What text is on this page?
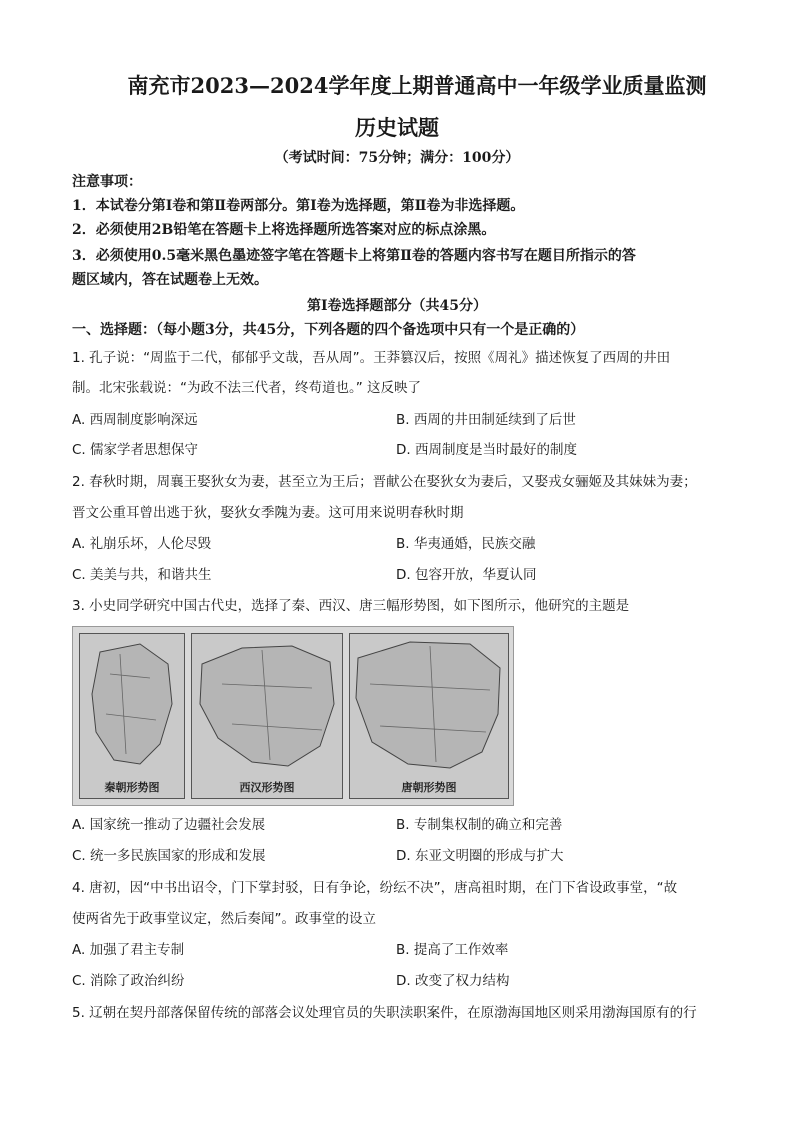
南充市2023—2024学年度上期普通高中一年级学业质量监测
历史试题
（考试时间：75分钟；满分：100分）
注意事项：
1．本试卷分第Ⅰ卷和第Ⅱ卷两部分。第Ⅰ卷为选择题，第Ⅱ卷为非选择题。
2．必须使用2B铅笔在答题卡上将选择题所选答案对应的标点涂黑。
3．必须使用0.5毫米黑色墨迹签字笔在答题卡上将第Ⅱ卷的答题内容书写在题目所指示的答
题区域内，答在试题卷上无效。
第Ⅰ卷选择题部分（共45分）
一、选择题：（每小题3分，共45分，下列各题的四个备选项中只有一个是正确的）
1. 孔子说：“周监于二代，郁郁乎文哉，吾从周”。王莽篡汉后，按照《周礼》描述恢复了西周的井田
制。北宋张载说：“为政不法三代者，终苟道也。” 这反映了
A. 西周制度影响深远	B. 西周的井田制延续到了后世
C. 儒家学者思想保守	D. 西周制度是当时最好的制度
2. 春秋时期，周襄王娶狄女为妻，甚至立为王后；晋献公在娶狄女为妻后，又娶戎女骊姬及其妹妹为妻；
晋文公重耳曾出逃于狄，娶狄女季隗为妻。这可用来说明春秋时期
A. 礼崩乐坏，人伦尽毁	B. 华夷通婚，民族交融
C. 美美与共，和谐共生	D. 包容开放，华夏认同
3. 小史同学研究中国古代史，选择了秦、西汉、唐三幅形势图，如下图所示，他研究的主题是
秦朝形势图	西汉形势图	唐朝形势图
A. 国家统一推动了边疆社会发展	B. 专制集权制的确立和完善
C. 统一多民族国家的形成和发展	D. 东亚文明圈的形成与扩大
4. 唐初，因“中书出诏令，门下掌封驳，日有争论，纷纭不决”，唐高祖时期，在门下省设政事堂，“故
使两省先于政事堂议定，然后奏闻”。政事堂的设立
A. 加强了君主专制	B. 提高了工作效率
C. 消除了政治纠纷	D. 改变了权力结构
5. 辽朝在契丹部落保留传统的部落会议处理官员的失职渎职案件，在原渤海国地区则采用渤海国原有的行
